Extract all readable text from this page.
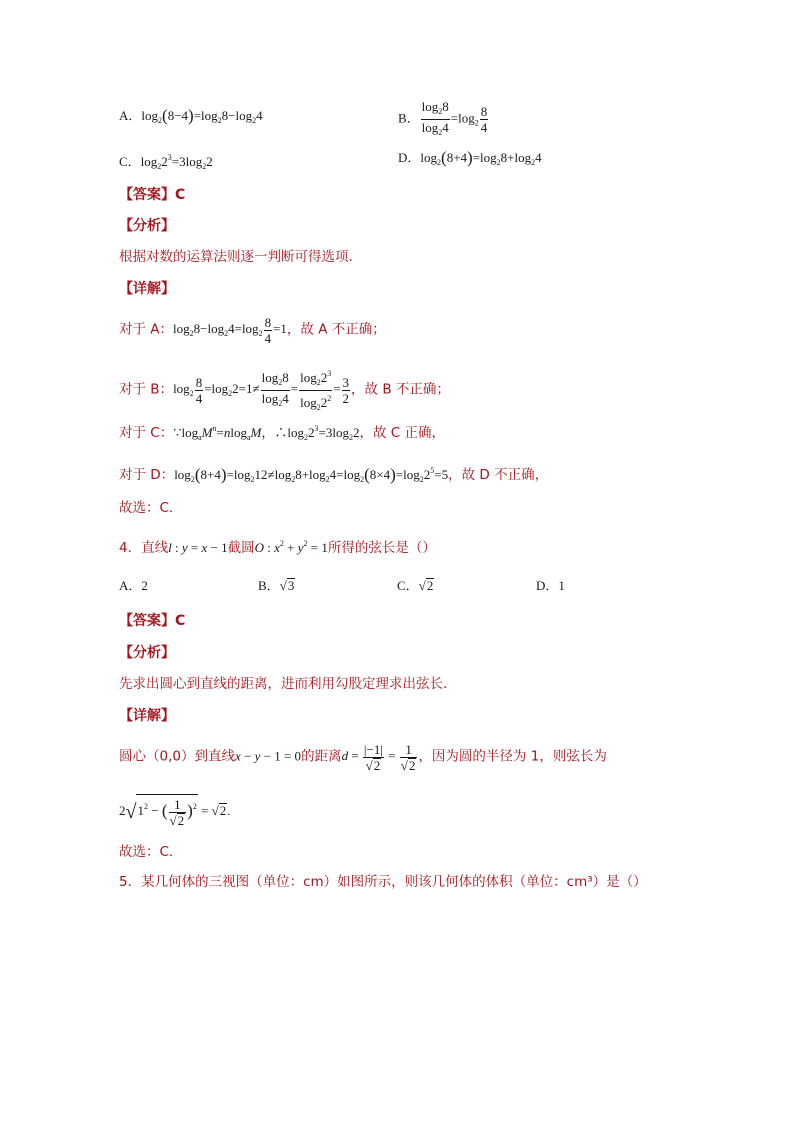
A．$\log_2(8-4)=\log_28-\log_24$	B． $\frac{\log_28}{\log_24} =\log_2 \frac{8}{4}$
C．$\log_22^3=3\log_22$	D．$\log_2(8+4)=\log_28+\log_24$
【答案】C
【分析】
根据对数的运算法则逐一判断可得选项.
【详解】
对于 A：$\log_28-\log_24=\log_2 \frac{8}{4} =1$，故 A 不正确；
对于 B：$\log_2 \frac{8}{4} =\log_22=1\ne \frac{\log_28}{\log_24} = \frac{\log_22^3}{\log_22^2} = \frac{3}{2}$ ，故 B 不正确；
对于 C：$\because\log_aM^n=nlog_aM$，$\therefore\log_22^3=3\log_22$，故 C 正确，
对于 D：$\log_2(8+4)=\log_212\ne\log_28+\log_24=\log_2(8\times 4)=\log_22^5=5$，故 D 不正确，
故选：C.
4．直线l : y = x − 1截圆O : $x^2 + y^2 = 1$所得的弦长是（）
A．2	B．√3	C．√2	D．1
【答案】C
【分析】
先求出圆心到直线的距离，进而利用勾股定理求出弦长.
【详解】
圆心（0,0）到直线x − y − 1 = 0的距离$d = \frac{|-1|}{√2} = \frac{1}{√2}$ ，因为圆的半径为 1，则弦长为
$2√1^2$ − ( $\frac{1}{√2} )^2 = √2$.
故选：C.
5．某几何体的三视图（单位：cm）如图所示，则该几何体的体积（单位：cm³）是（）
